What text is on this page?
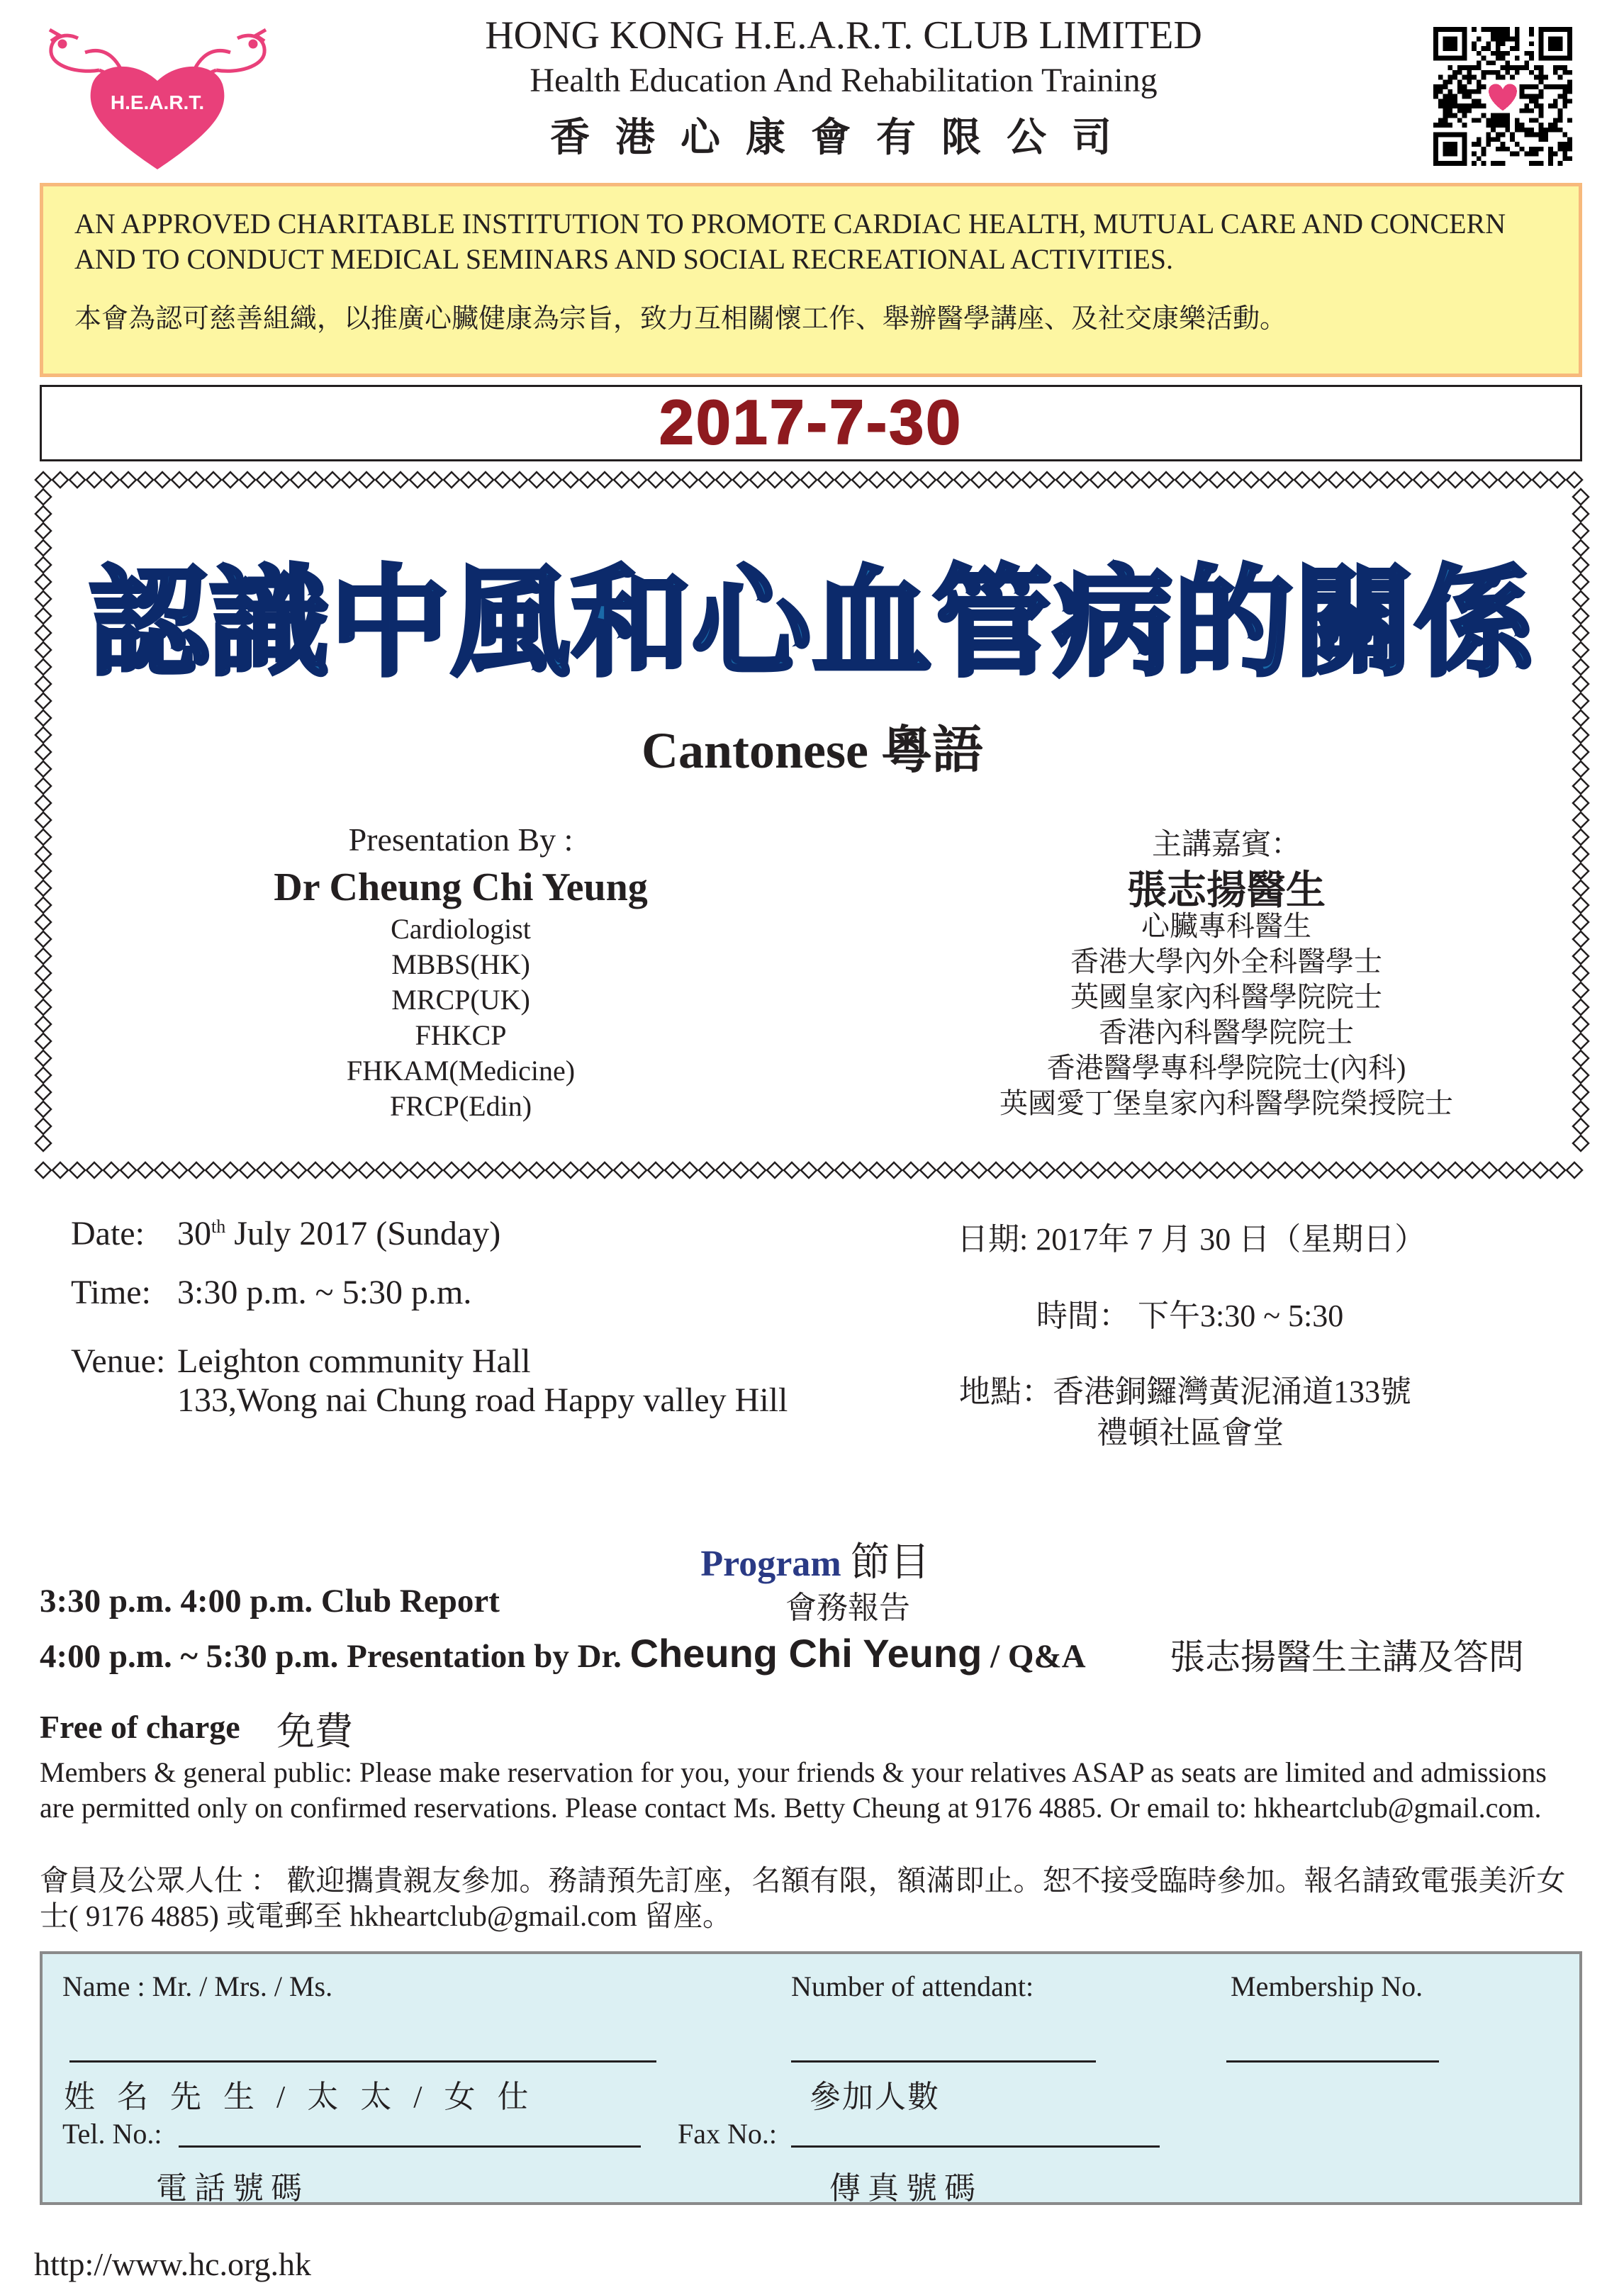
H.E.A.R.T.
HONG KONG H.E.A.R.T. CLUB LIMITED
Health Education And Rehabilitation Training
香港心康會有限公司
AN APPROVED CHARITABLE INSTITUTION TO PROMOTE CARDIAC HEALTH, MUTUAL CARE AND CONCERN
AND TO CONDUCT MEDICAL SEMINARS AND SOCIAL RECREATIONAL ACTIVITIES.
本會為認可慈善組織，以推廣心臟健康為宗旨，致力互相關懷工作、舉辦醫學講座、及社交康樂活動。
2017-7-30
認識中風和心血管病的關係
Cantonese 粵語
Presentation By :
Dr Cheung Chi Yeung
Cardiologist
MBBS(HK)
MRCP(UK)
FHKCP
FHKAM(Medicine)
FRCP(Edin)
主講嘉賓：
張志揚醫生
心臟專科醫生
香港大學內外全科醫學士
英國皇家內科醫學院院士
香港內科醫學院院士
香港醫學專科學院院士(內科)
英國愛丁堡皇家內科醫學院榮授院士
Date: 30th July 2017 (Sunday)
Time: 3:30 p.m. ~ 5:30 p.m.
Venue: Leighton community Hall
133,Wong nai Chung road Happy valley Hill
日期: 2017年 7 月 30 日（星期日）
時間： 下午3:30 ~ 5:30
地點：香港銅鑼灣黃泥涌道133號
禮頓社區會堂
Program 節目
3:30 p.m. 4:00 p.m. Club Report	會務報告
4:00 p.m. ~ 5:30 p.m. Presentation by Dr. Cheung Chi Yeung / Q&A 張志揚醫生主講及答問
Free of charge 免費
Members & general public: Please make reservation for you, your friends & your relatives ASAP as seats are limited and admissions are permitted only on confirmed reservations. Please contact Ms. Betty Cheung at 9176 4885. Or email to: hkheartclub@gmail.com.
會員及公眾人仕 ： 歡迎攜貴親友參加。務請預先訂座，名額有限，額滿即止。恕不接受臨時參加。報名請致電張美沂女士( 9176 4885) 或電郵至 hkheartclub@gmail.com 留座。
Name : Mr. / Mrs. / Ms.
姓 名 先 生 / 太 太 / 女 仕
Number of attendant:
參加人數
Membership No.
Tel. No.:
電話號碼
Fax No.:
傳真號碼
http://www.hc.org.hk
